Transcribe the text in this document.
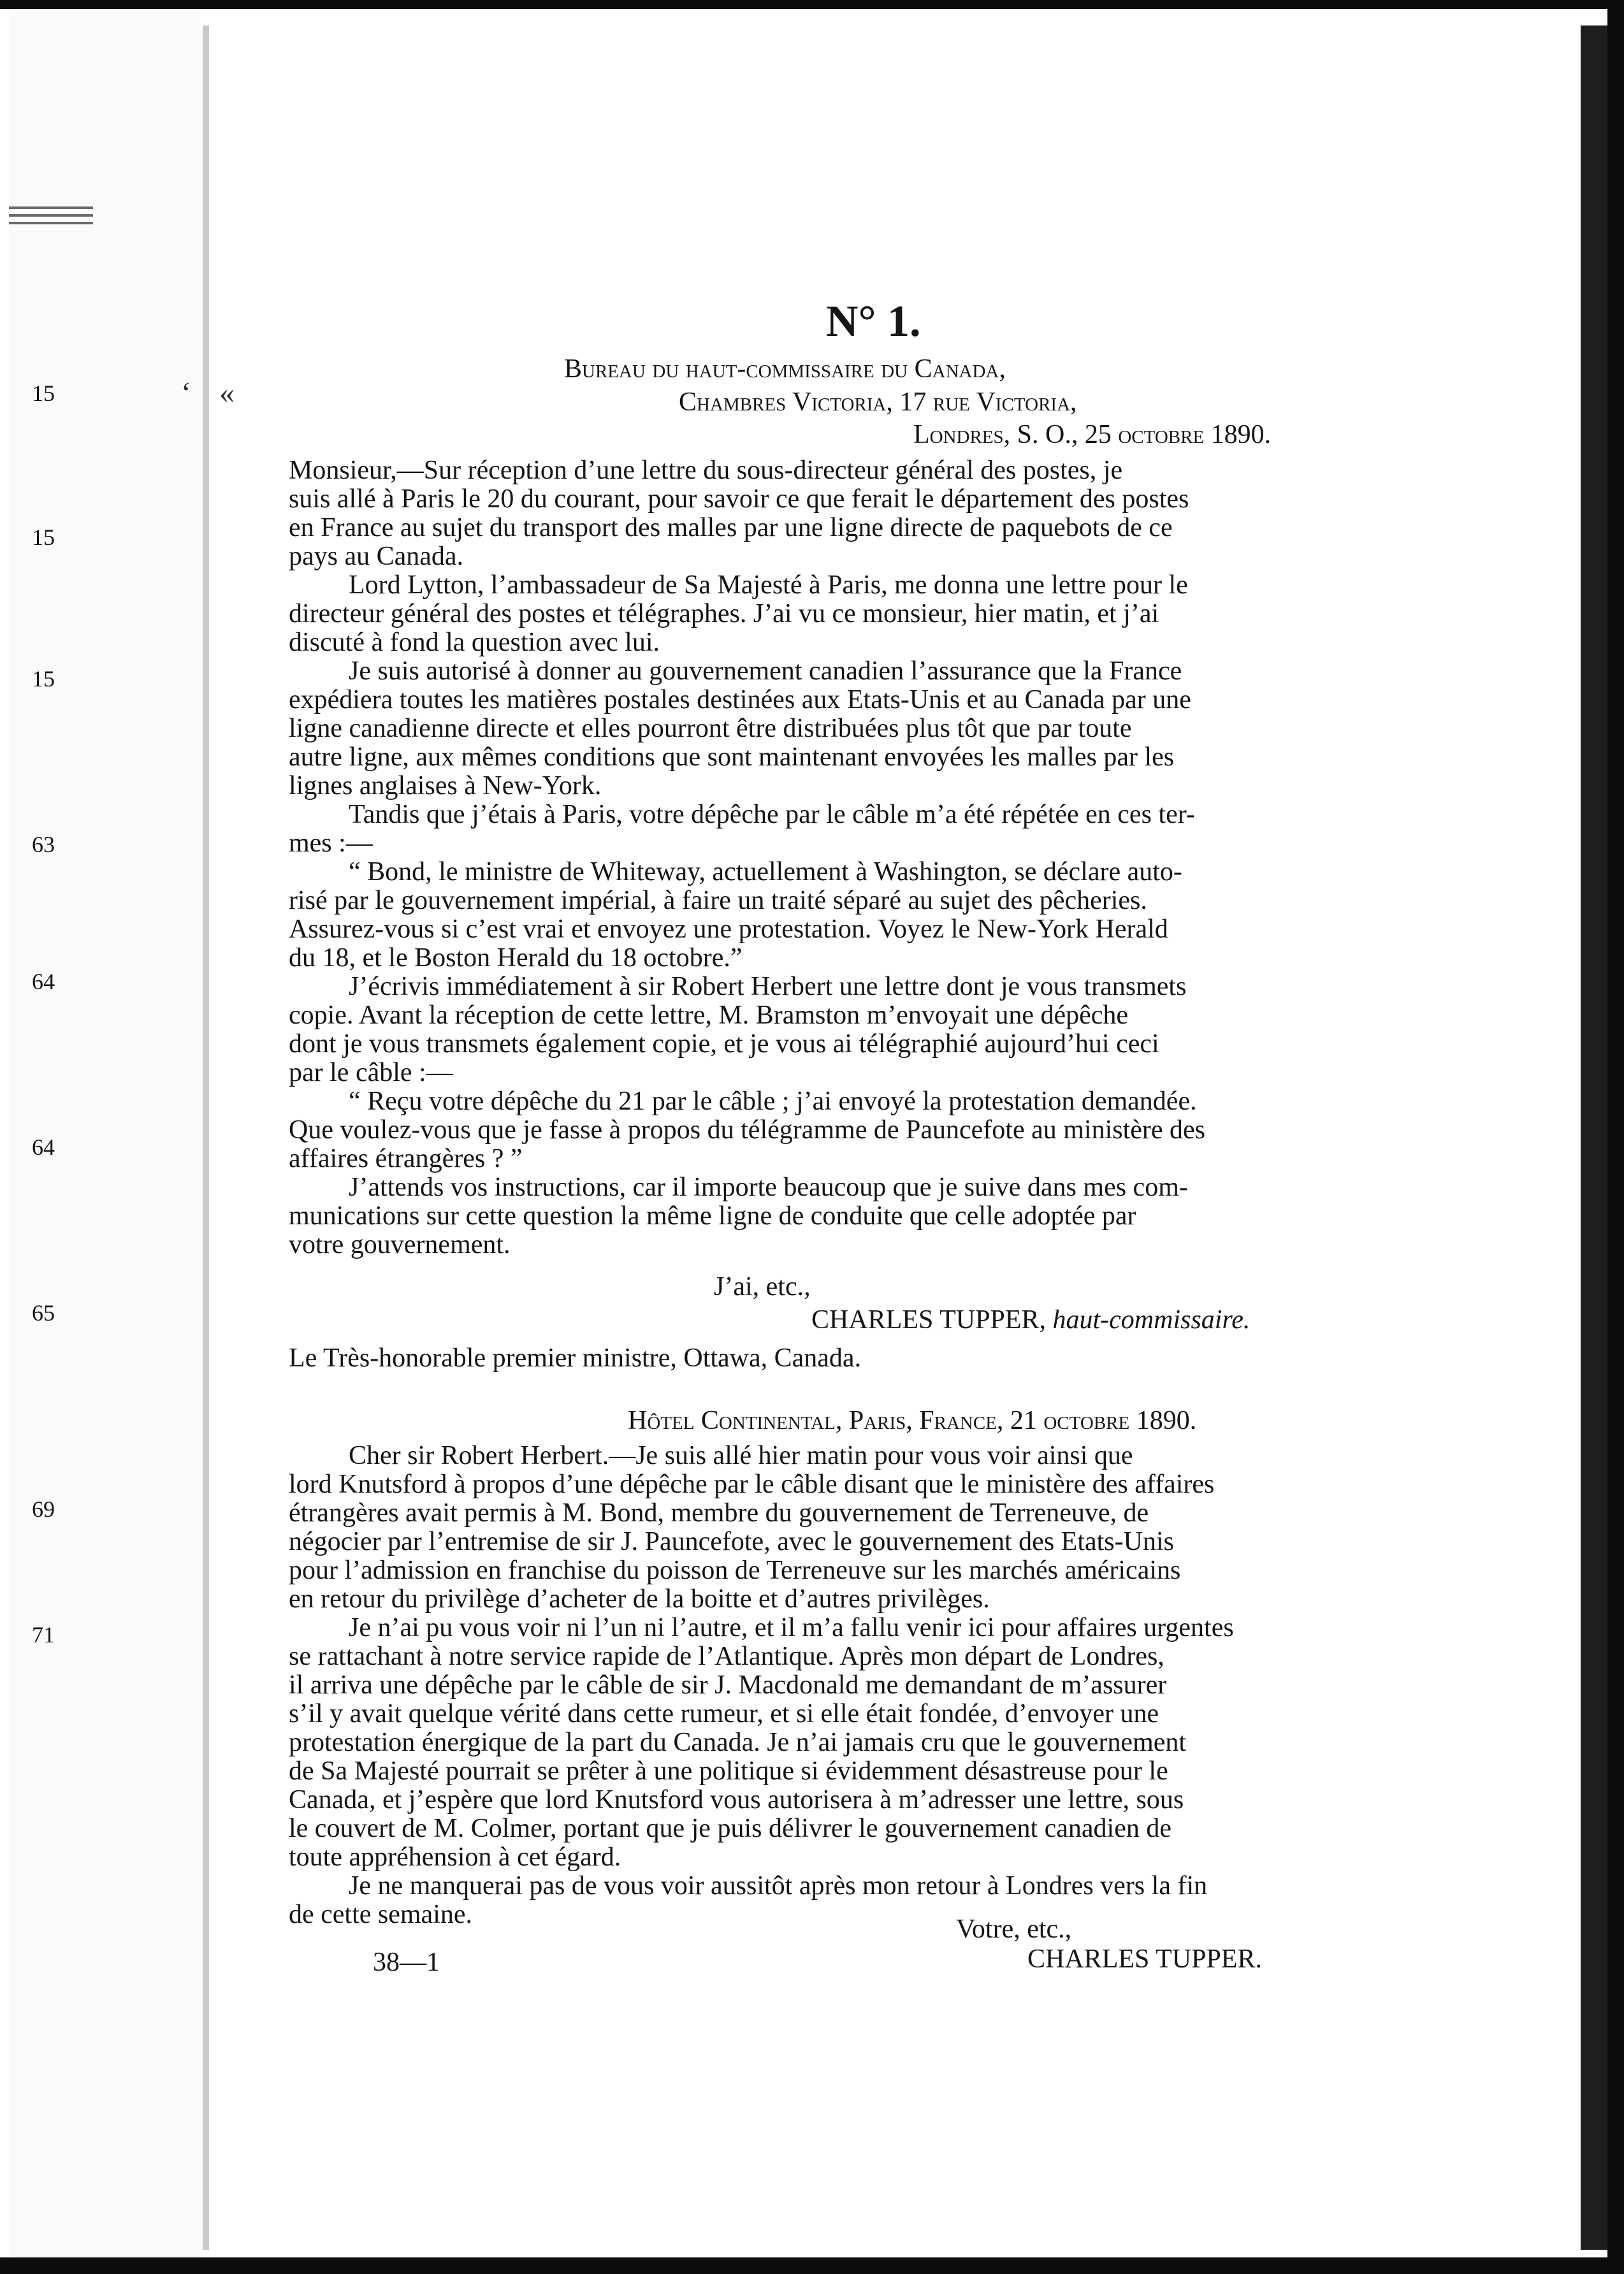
15
15
15
63
64
64
65
69
71
‘ «
N° 1.
Bureau du haut-commissaire du Canada,
Chambres Victoria, 17 rue Victoria,
Londres, S. O., 25 octobre 1890.
Monsieur,—Sur réception d’une lettre du sous-directeur général des postes, je
suis allé à Paris le 20 du courant, pour savoir ce que ferait le département des postes
en France au sujet du transport des malles par une ligne directe de paquebots de ce
pays au Canada.
Lord Lytton, l’ambassadeur de Sa Majesté à Paris, me donna une lettre pour le
directeur général des postes et télégraphes. J’ai vu ce monsieur, hier matin, et j’ai
discuté à fond la question avec lui.
Je suis autorisé à donner au gouvernement canadien l’assurance que la France
expédiera toutes les matières postales destinées aux Etats-Unis et au Canada par une
ligne canadienne directe et elles pourront être distribuées plus tôt que par toute
autre ligne, aux mêmes conditions que sont maintenant envoyées les malles par les
lignes anglaises à New-York.
Tandis que j’étais à Paris, votre dépêche par le câble m’a été répétée en ces ter-
mes :—
“ Bond, le ministre de Whiteway, actuellement à Washington, se déclare auto-
risé par le gouvernement impérial, à faire un traité séparé au sujet des pêcheries.
Assurez-vous si c’est vrai et envoyez une protestation. Voyez le New-York Herald
du 18, et le Boston Herald du 18 octobre.”
J’écrivis immédiatement à sir Robert Herbert une lettre dont je vous transmets
copie. Avant la réception de cette lettre, M. Bramston m’envoyait une dépêche
dont je vous transmets également copie, et je vous ai télégraphié aujourd’hui ceci
par le câble :—
“ Reçu votre dépêche du 21 par le câble ; j’ai envoyé la protestation demandée.
Que voulez-vous que je fasse à propos du télégramme de Pauncefote au ministère des
affaires étrangères ? ”
J’attends vos instructions, car il importe beaucoup que je suive dans mes com-
munications sur cette question la même ligne de conduite que celle adoptée par
votre gouvernement.
J’ai, etc.,
CHARLES TUPPER, haut-commissaire.
Le Très-honorable premier ministre, Ottawa, Canada.
Hôtel Continental, Paris, France, 21 octobre 1890.
Cher sir Robert Herbert.—Je suis allé hier matin pour vous voir ainsi que
lord Knutsford à propos d’une dépêche par le câble disant que le ministère des affaires
étrangères avait permis à M. Bond, membre du gouvernement de Terreneuve, de
négocier par l’entremise de sir J. Pauncefote, avec le gouvernement des Etats-Unis
pour l’admission en franchise du poisson de Terreneuve sur les marchés américains
en retour du privilège d’acheter de la boitte et d’autres privilèges.
Je n’ai pu vous voir ni l’un ni l’autre, et il m’a fallu venir ici pour affaires urgentes
se rattachant à notre service rapide de l’Atlantique. Après mon départ de Londres,
il arriva une dépêche par le câble de sir J. Macdonald me demandant de m’assurer
s’il y avait quelque vérité dans cette rumeur, et si elle était fondée, d’envoyer une
protestation énergique de la part du Canada. Je n’ai jamais cru que le gouvernement
de Sa Majesté pourrait se prêter à une politique si évidemment désastreuse pour le
Canada, et j’espère que lord Knutsford vous autorisera à m’adresser une lettre, sous
le couvert de M. Colmer, portant que je puis délivrer le gouvernement canadien de
toute appréhension à cet égard.
Je ne manquerai pas de vous voir aussitôt après mon retour à Londres vers la fin
de cette semaine.	Votre, etc.,
CHARLES TUPPER.
38—1
